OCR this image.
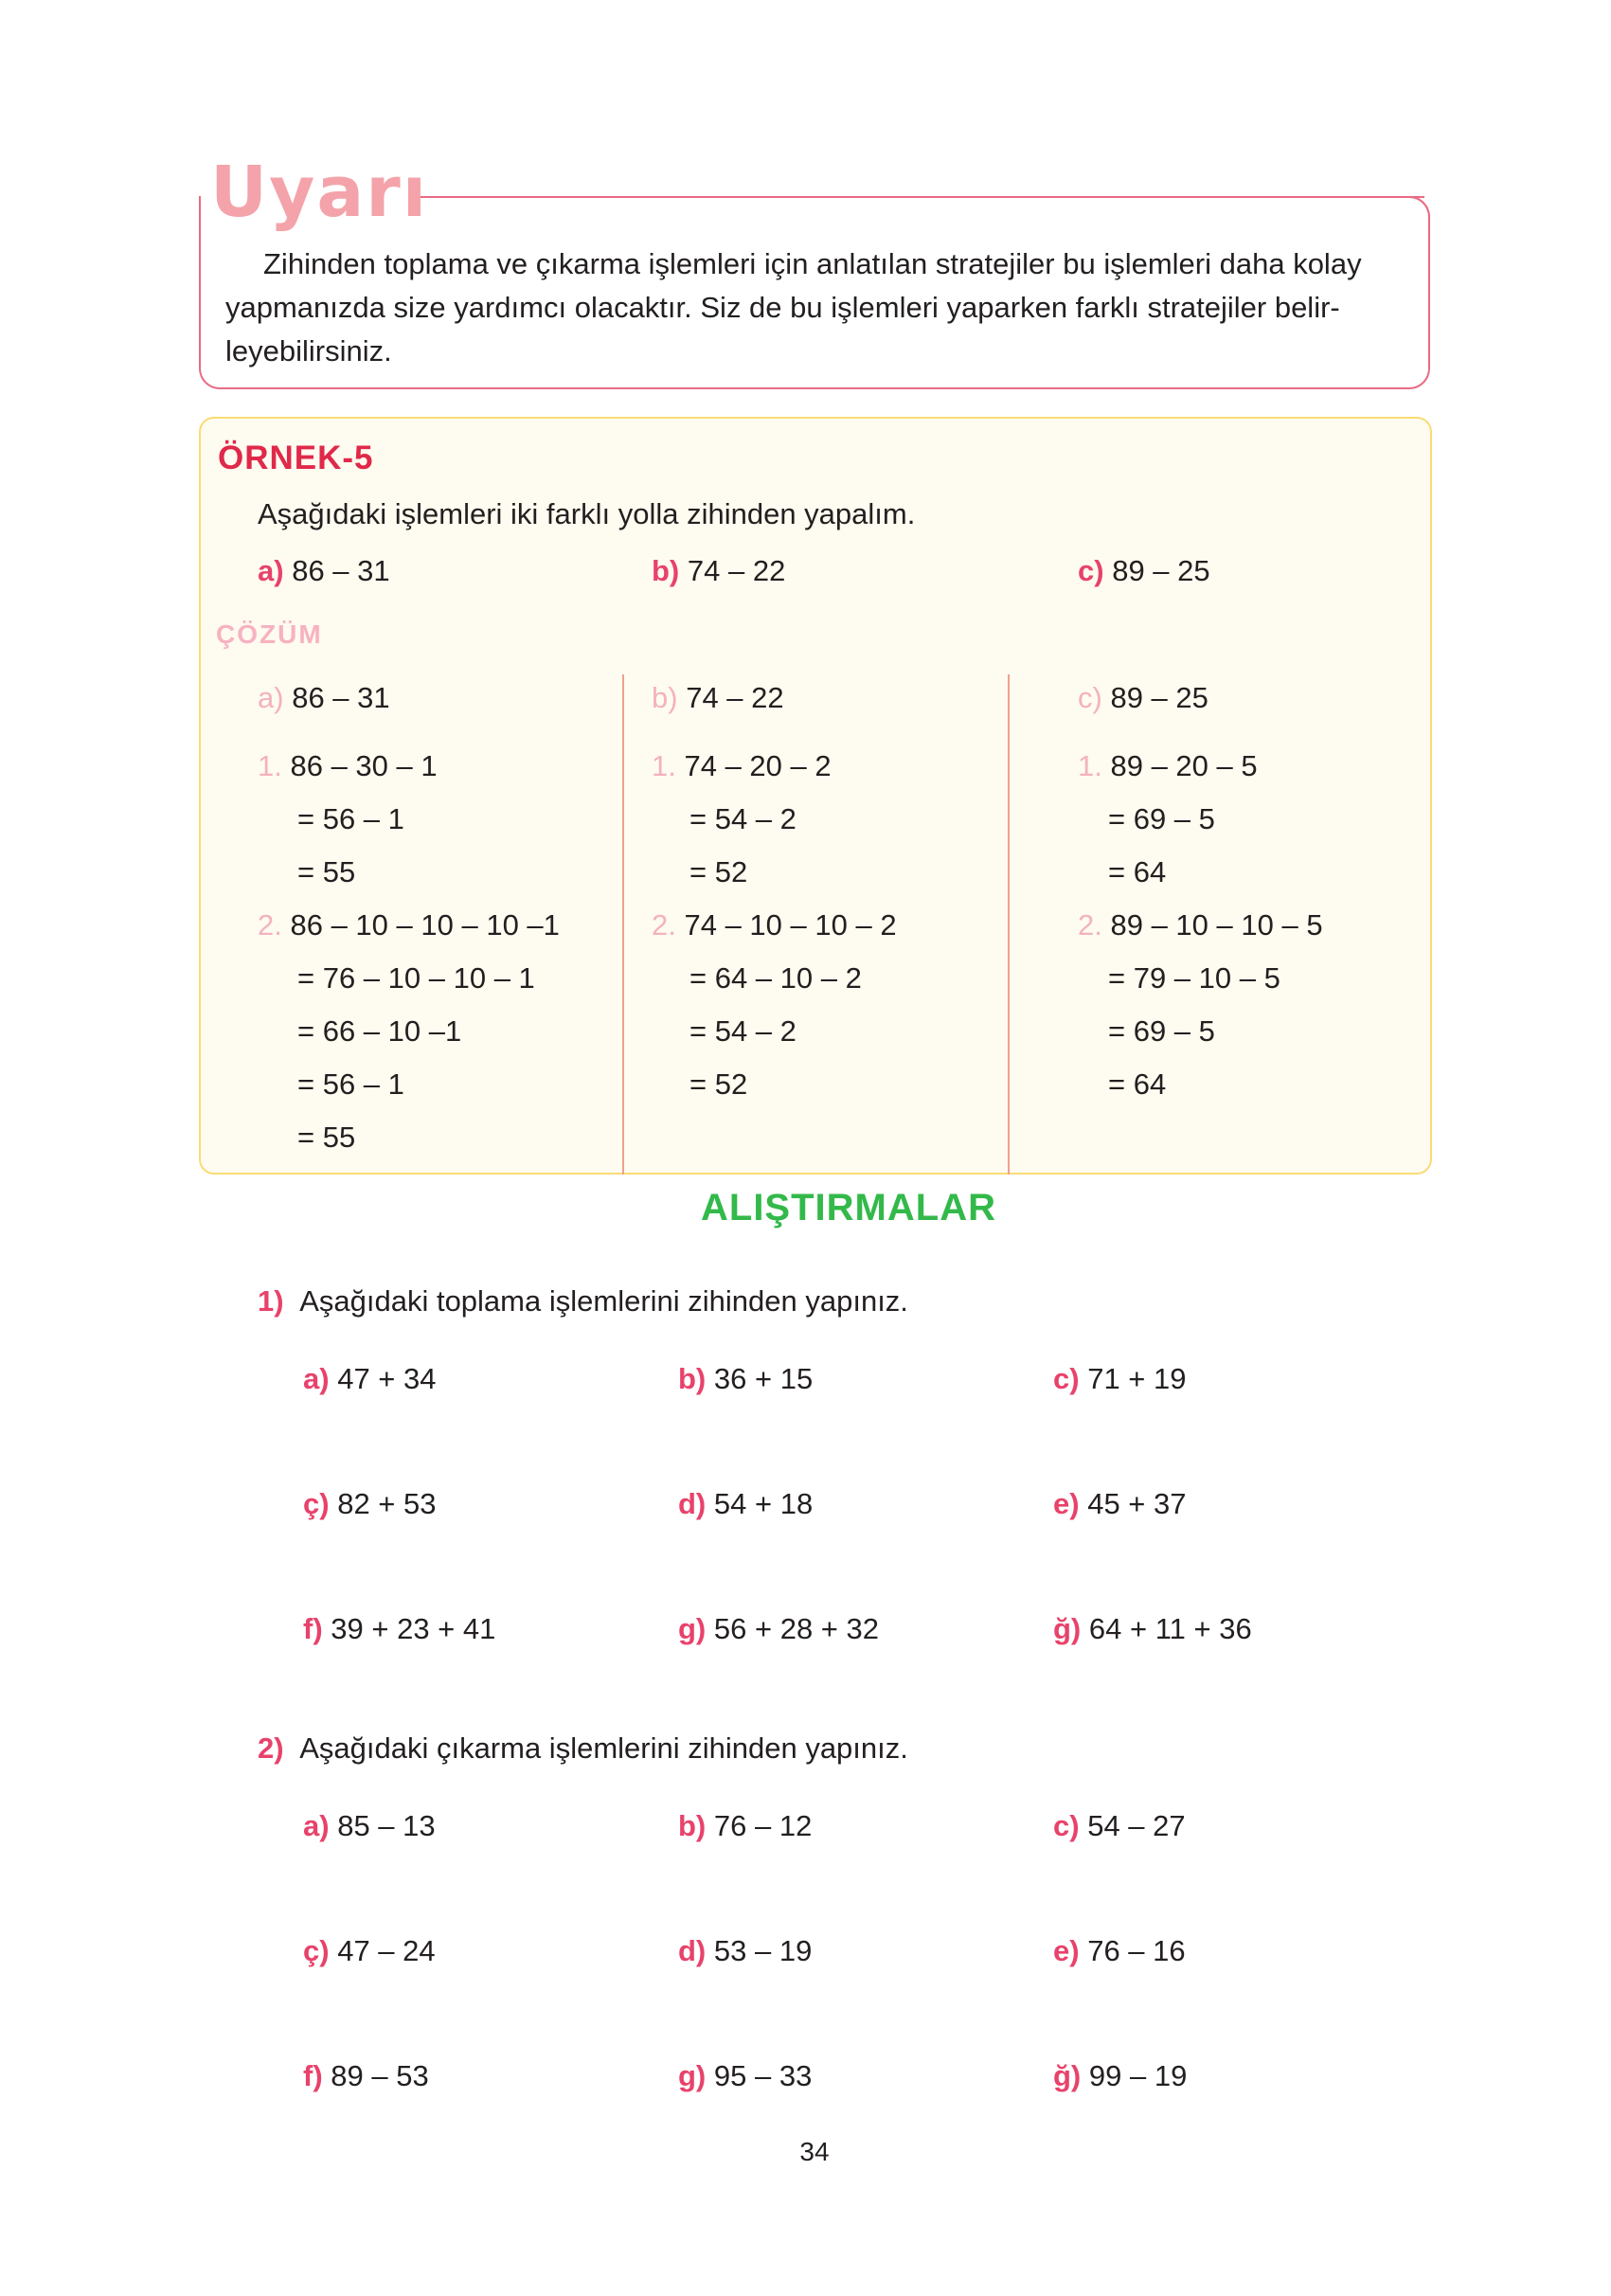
Uyarı
Zihinden toplama ve çıkarma işlemleri için anlatılan stratejiler bu işlemleri daha kolay yapmanızda size yardımcı olacaktır. Siz de bu işlemleri yaparken farklı stratejiler belir-leyebilirsiniz.
ÖRNEK-5
Aşağıdaki işlemleri iki farklı yolla zihinden yapalım.
a) 86 – 31	b) 74 – 22	c) 89 – 25
ÇÖZÜM
a) 86 – 31
1. 86 – 30 – 1
= 56 – 1
= 55
2. 86 – 10 – 10 – 10 –1
= 76 – 10 – 10 – 1
= 66 – 10 –1
= 56 – 1
= 55
b) 74 – 22
1. 74 – 20 – 2
= 54 – 2
= 52
2. 74 – 10 – 10 – 2
= 64 – 10 – 2
= 54 – 2
= 52
c) 89 – 25
1. 89 – 20 – 5
= 69 – 5
= 64
2. 89 – 10 – 10 – 5
= 79 – 10 – 5
= 69 – 5
= 64
ALIŞTIRMALAR
1) Aşağıdaki toplama işlemlerini zihinden yapınız.
a) 47 + 34	b) 36 + 15	c) 71 + 19
ç) 82 + 53	d) 54 + 18	e) 45 + 37
f) 39 + 23 + 41	g) 56 + 28 + 32	ğ) 64 + 11 + 36
2) Aşağıdaki çıkarma işlemlerini zihinden yapınız.
a) 85 – 13	b) 76 – 12	c) 54 – 27
ç) 47 – 24	d) 53 – 19	e) 76 – 16
f) 89 – 53	g) 95 – 33	ğ) 99 – 19
34
